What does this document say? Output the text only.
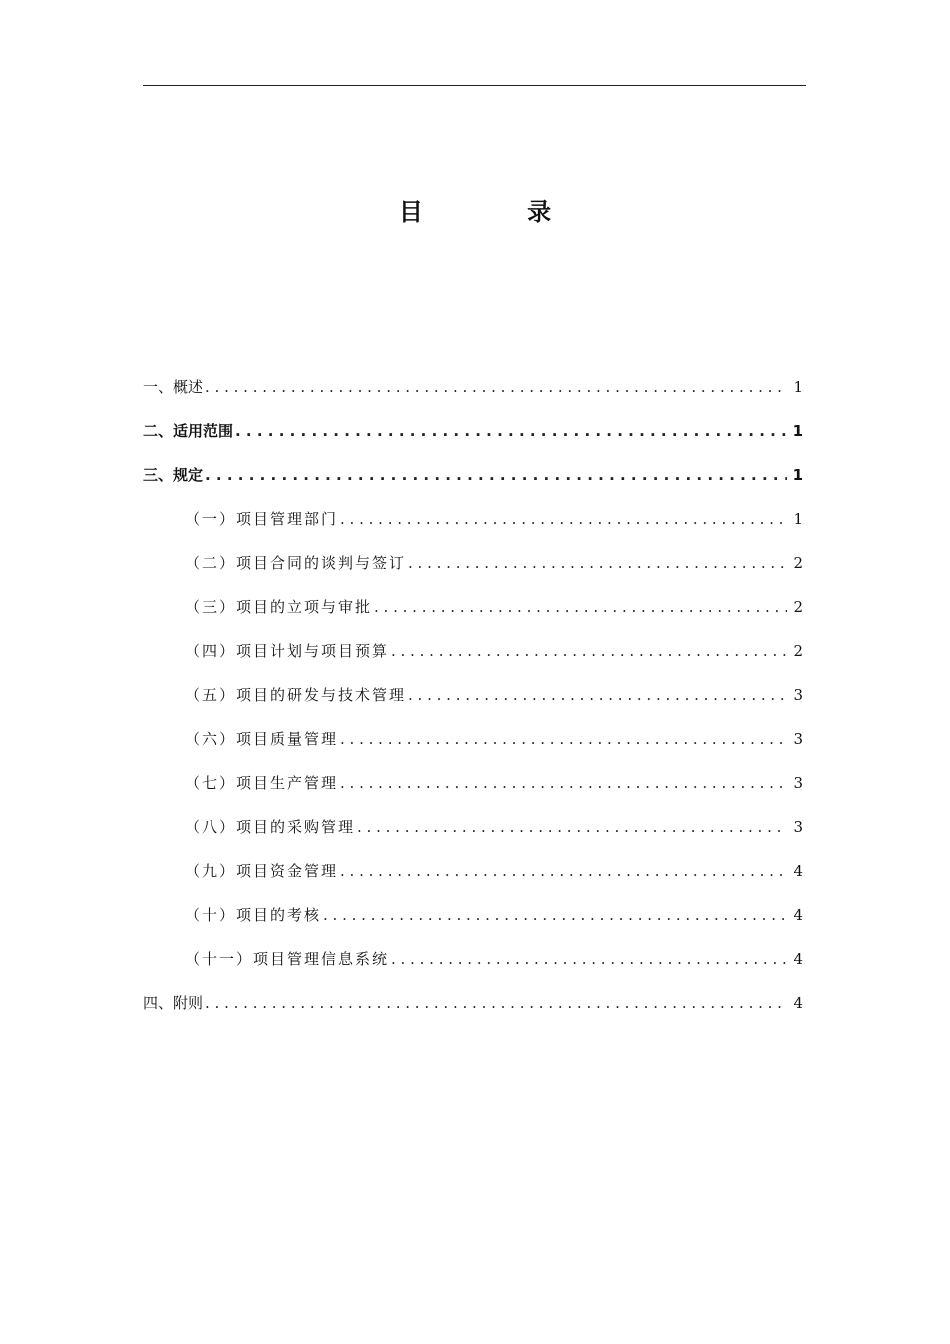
目 录
一、概述 . . .	1
二、适用范围 . . .	1
三、规定 . . .	1
（一）项目管理部门 . . .	1
（二）项目合同的谈判与签订 . . .	2
（三）项目的立项与审批 . . .	2
（四）项目计划与项目预算 . . .	2
（五）项目的研发与技术管理 . . .	3
（六）项目质量管理 . . .	3
（七）项目生产管理 . . .	3
（八）项目的采购管理 . . .	3
（九）项目资金管理 . . .	4
（十）项目的考核 . . .	4
（十一）项目管理信息系统 . . .	4
四、附则 . . .	4
